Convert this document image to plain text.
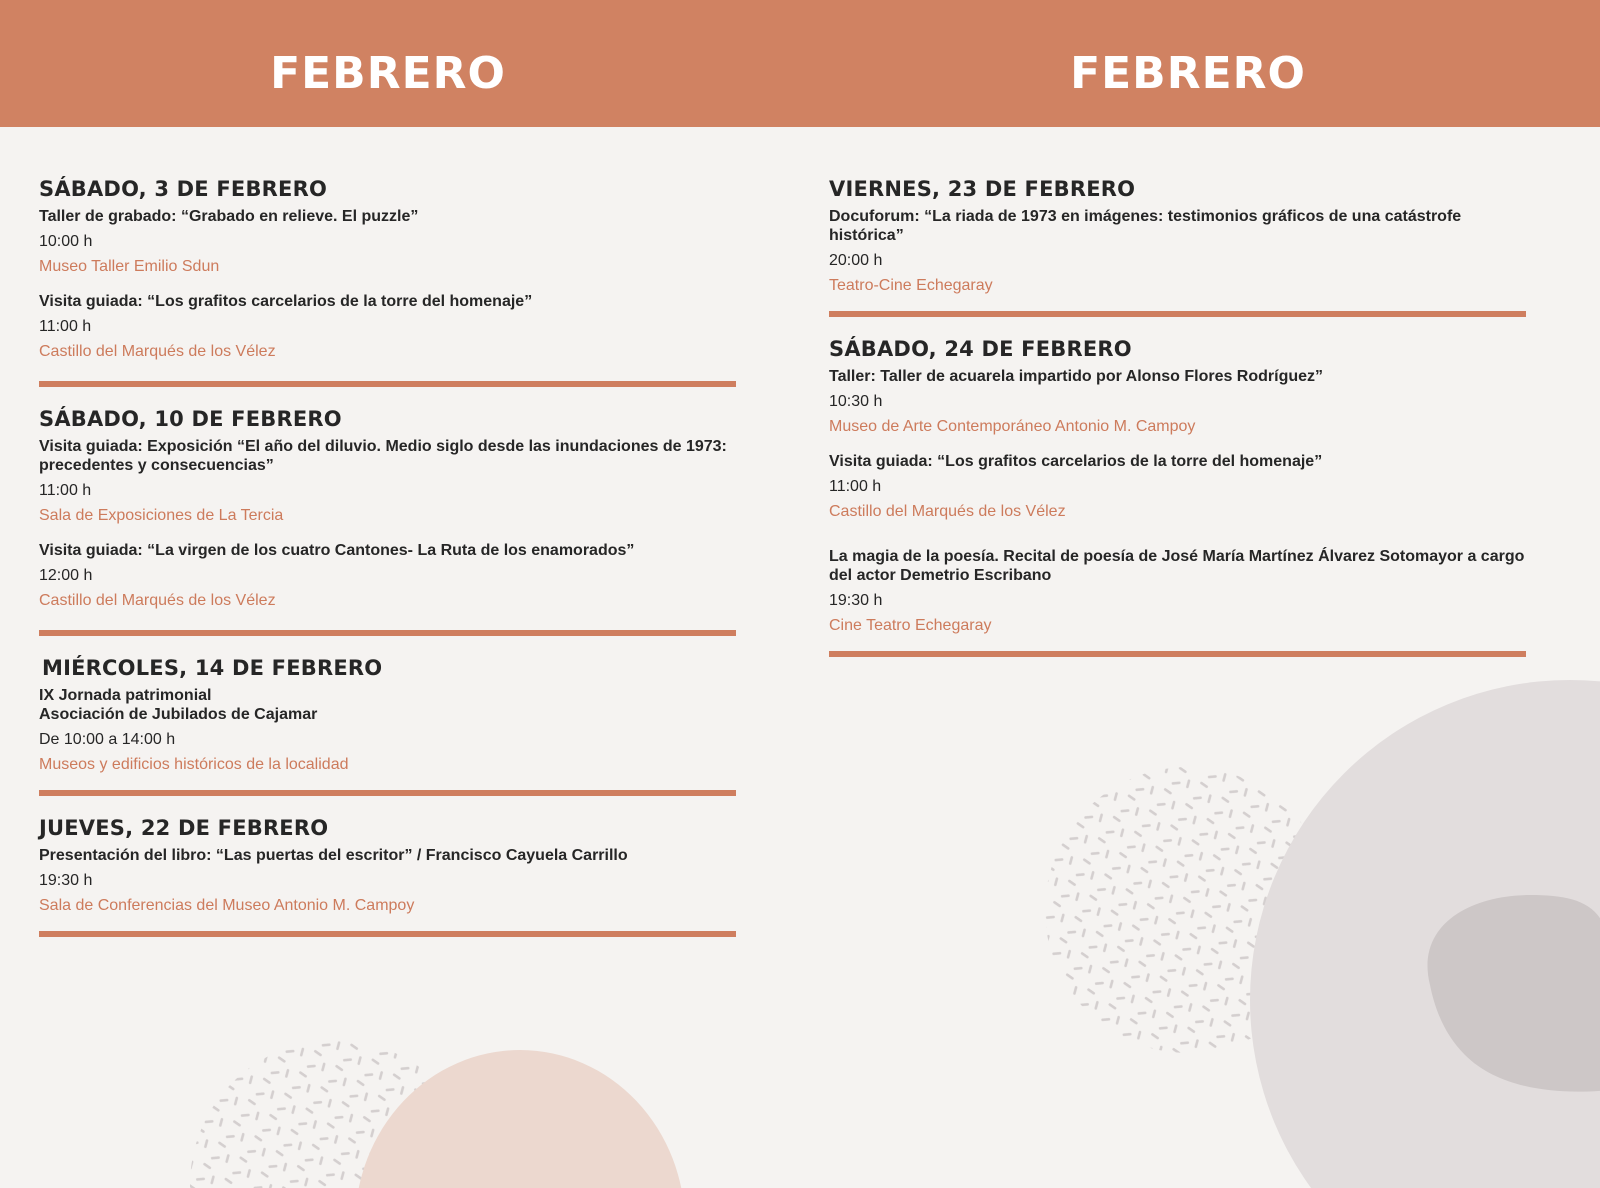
FEBRERO	FEBRERO
SÁBADO, 3 DE FEBRERO

Taller de grabado: “Grabado en relieve. El puzzle”

10:00 h

Museo Taller Emilio Sdun

Visita guiada: “Los grafitos carcelarios de la torre del homenaje”

11:00 h

Castillo del Marqués de los Vélez

SÁBADO, 10 DE FEBRERO

Visita guiada: Exposición “El año del diluvio. Medio siglo desde las inundaciones de 1973: precedentes y consecuencias”

11:00 h

Sala de Exposiciones de La Tercia

Visita guiada: “La virgen de los cuatro Cantones- La Ruta de los enamorados”

12:00 h

Castillo del Marqués de los Vélez

MIÉRCOLES, 14 DE FEBRERO

IX Jornada patrimonial

Asociación de Jubilados de Cajamar

De 10:00 a 14:00 h

Museos y edificios históricos de la localidad

JUEVES, 22 DE FEBRERO

Presentación del libro: “Las puertas del escritor” / Francisco Cayuela Carrillo

19:30 h

Sala de Conferencias del Museo Antonio M. Campoy

VIERNES, 23 DE FEBRERO

Docuforum: “La riada de 1973 en imágenes: testimonios gráficos de una catástrofe histórica”

20:00 h

Teatro-Cine Echegaray

SÁBADO, 24 DE FEBRERO

Taller: Taller de acuarela impartido por Alonso Flores Rodríguez”

10:30 h

Museo de Arte Contemporáneo Antonio M. Campoy

Visita guiada: “Los grafitos carcelarios de la torre del homenaje”

11:00 h

Castillo del Marqués de los Vélez

La magia de la poesía. Recital de poesía de José María Martínez Álvarez Sotomayor a cargo del actor Demetrio Escribano

19:30 h

Cine Teatro Echegaray
